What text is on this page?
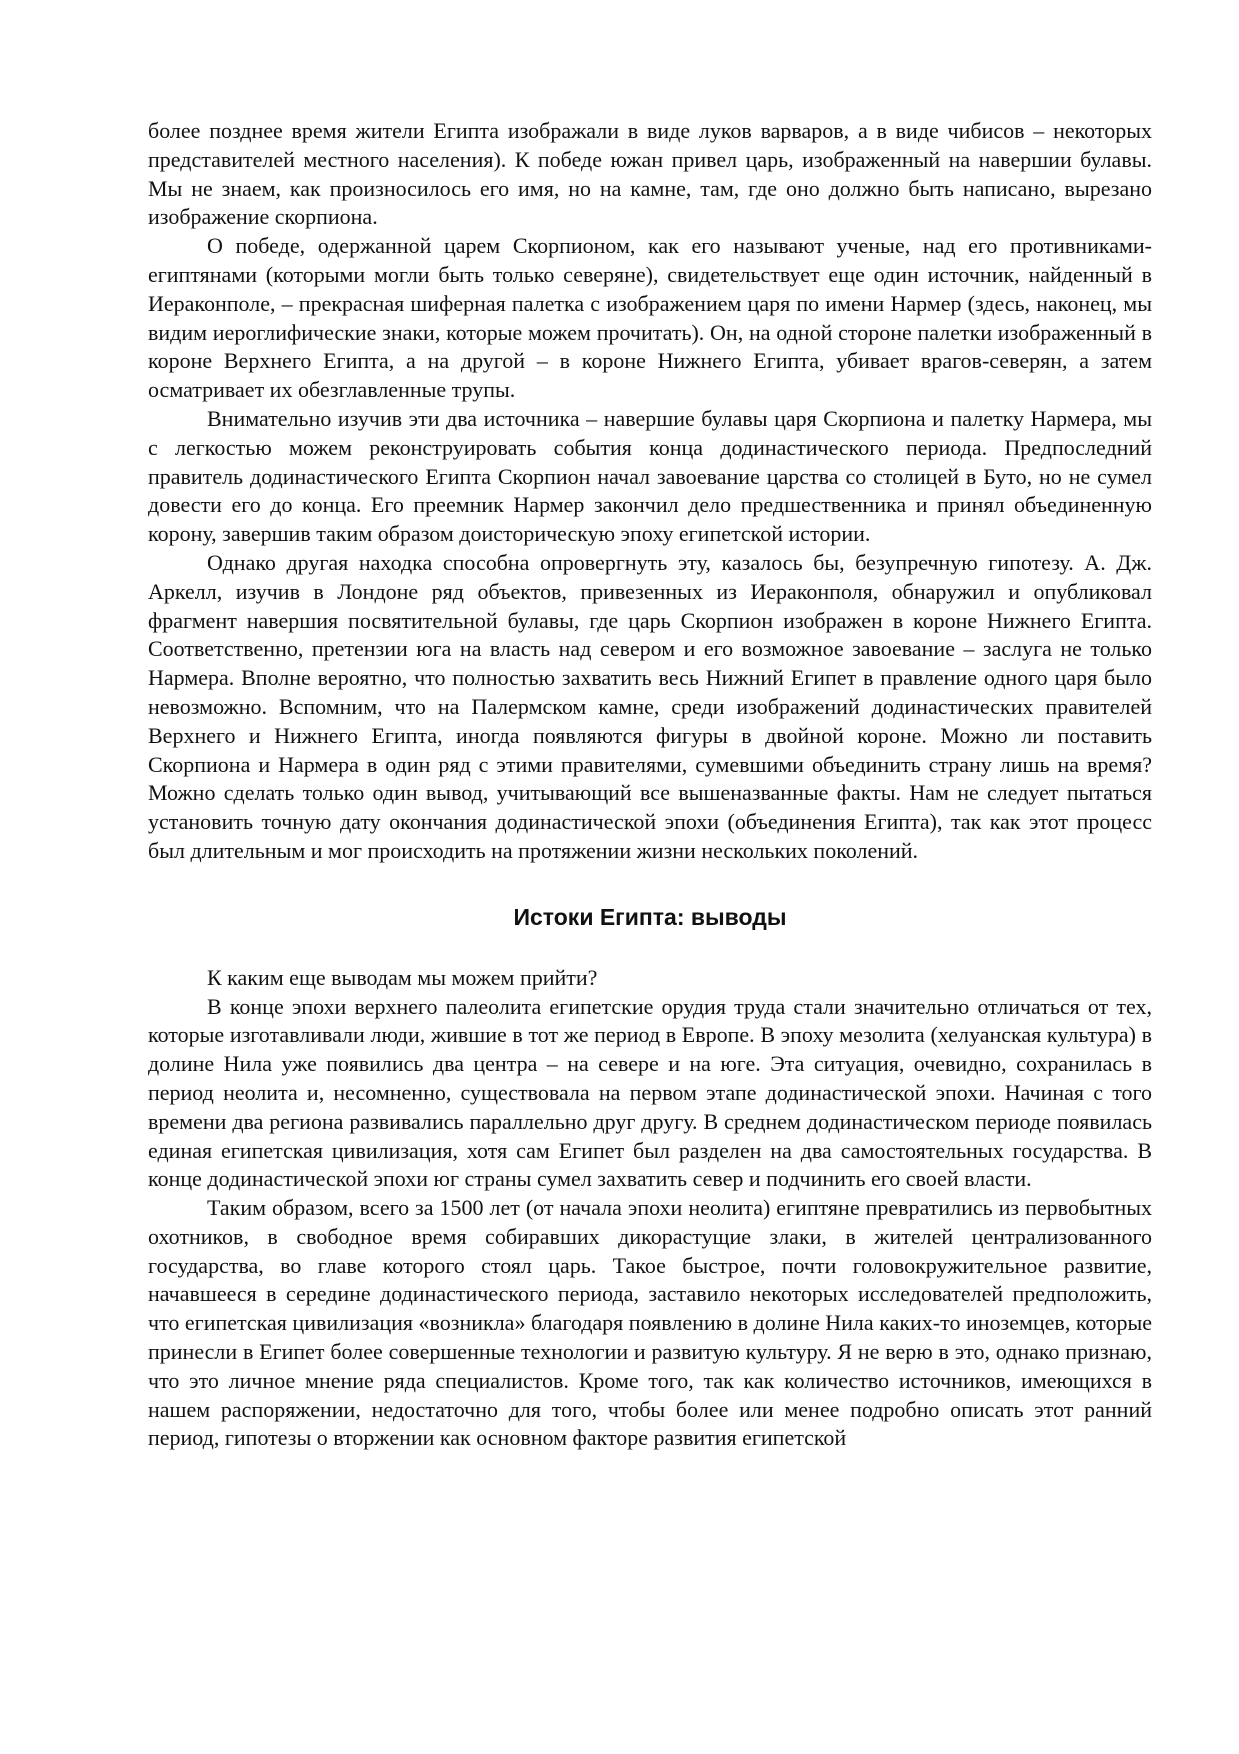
более позднее время жители Египта изображали в виде луков варваров, а в виде чибисов – некоторых представителей местного населения). К победе южан привел царь, изображенный на навершии булавы. Мы не знаем, как произносилось его имя, но на камне, там, где оно должно быть написано, вырезано изображение скорпиона.

О победе, одержанной царем Скорпионом, как его называют ученые, над его противниками-египтянами (которыми могли быть только северяне), свидетельствует еще один источник, найденный в Иераконполе, – прекрасная шиферная палетка с изображением царя по имени Нармер (здесь, наконец, мы видим иероглифические знаки, которые можем прочитать). Он, на одной стороне палетки изображенный в короне Верхнего Египта, а на другой – в короне Нижнего Египта, убивает врагов-северян, а затем осматривает их обезглавленные трупы.

Внимательно изучив эти два источника – навершие булавы царя Скорпиона и палетку Нармера, мы с легкостью можем реконструировать события конца додинастического периода. Предпоследний правитель додинастического Египта Скорпион начал завоевание царства со столицей в Буто, но не сумел довести его до конца. Его преемник Нармер закончил дело предшественника и принял объединенную корону, завершив таким образом доисторическую эпоху египетской истории.

Однако другая находка способна опровергнуть эту, казалось бы, безупречную гипотезу. А. Дж. Аркелл, изучив в Лондоне ряд объектов, привезенных из Иераконполя, обнаружил и опубликовал фрагмент навершия посвятительной булавы, где царь Скорпион изображен в короне Нижнего Египта. Соответственно, претензии юга на власть над севером и его возможное завоевание – заслуга не только Нармера. Вполне вероятно, что полностью захватить весь Нижний Египет в правление одного царя было невозможно. Вспомним, что на Палермском камне, среди изображений додинастических правителей Верхнего и Нижнего Египта, иногда появляются фигуры в двойной короне. Можно ли поставить Скорпиона и Нармера в один ряд с этими правителями, сумевшими объединить страну лишь на время? Можно сделать только один вывод, учитывающий все вышеназванные факты. Нам не следует пытаться установить точную дату окончания додинастической эпохи (объединения Египта), так как этот процесс был длительным и мог происходить на протяжении жизни нескольких поколений.

Истоки Египта: выводы

К каким еще выводам мы можем прийти?

В конце эпохи верхнего палеолита египетские орудия труда стали значительно отличаться от тех, которые изготавливали люди, жившие в тот же период в Европе. В эпоху мезолита (хелуанская культура) в долине Нила уже появились два центра – на севере и на юге. Эта ситуация, очевидно, сохранилась в период неолита и, несомненно, существовала на первом этапе додинастической эпохи. Начиная с того времени два региона развивались параллельно друг другу. В среднем додинастическом периоде появилась единая египетская цивилизация, хотя сам Египет был разделен на два самостоятельных государства. В конце додинастической эпохи юг страны сумел захватить север и подчинить его своей власти.

Таким образом, всего за 1500 лет (от начала эпохи неолита) египтяне превратились из первобытных охотников, в свободное время собиравших дикорастущие злаки, в жителей централизованного государства, во главе которого стоял царь. Такое быстрое, почти головокружительное развитие, начавшееся в середине додинастического периода, заставило некоторых исследователей предположить, что египетская цивилизация «возникла» благодаря появлению в долине Нила каких-то иноземцев, которые принесли в Египет более совершенные технологии и развитую культуру. Я не верю в это, однако признаю, что это личное мнение ряда специалистов. Кроме того, так как количество источников, имеющихся в нашем распоряжении, недостаточно для того, чтобы более или менее подробно описать этот ранний период, гипотезы о вторжении как основном факторе развития египетской
